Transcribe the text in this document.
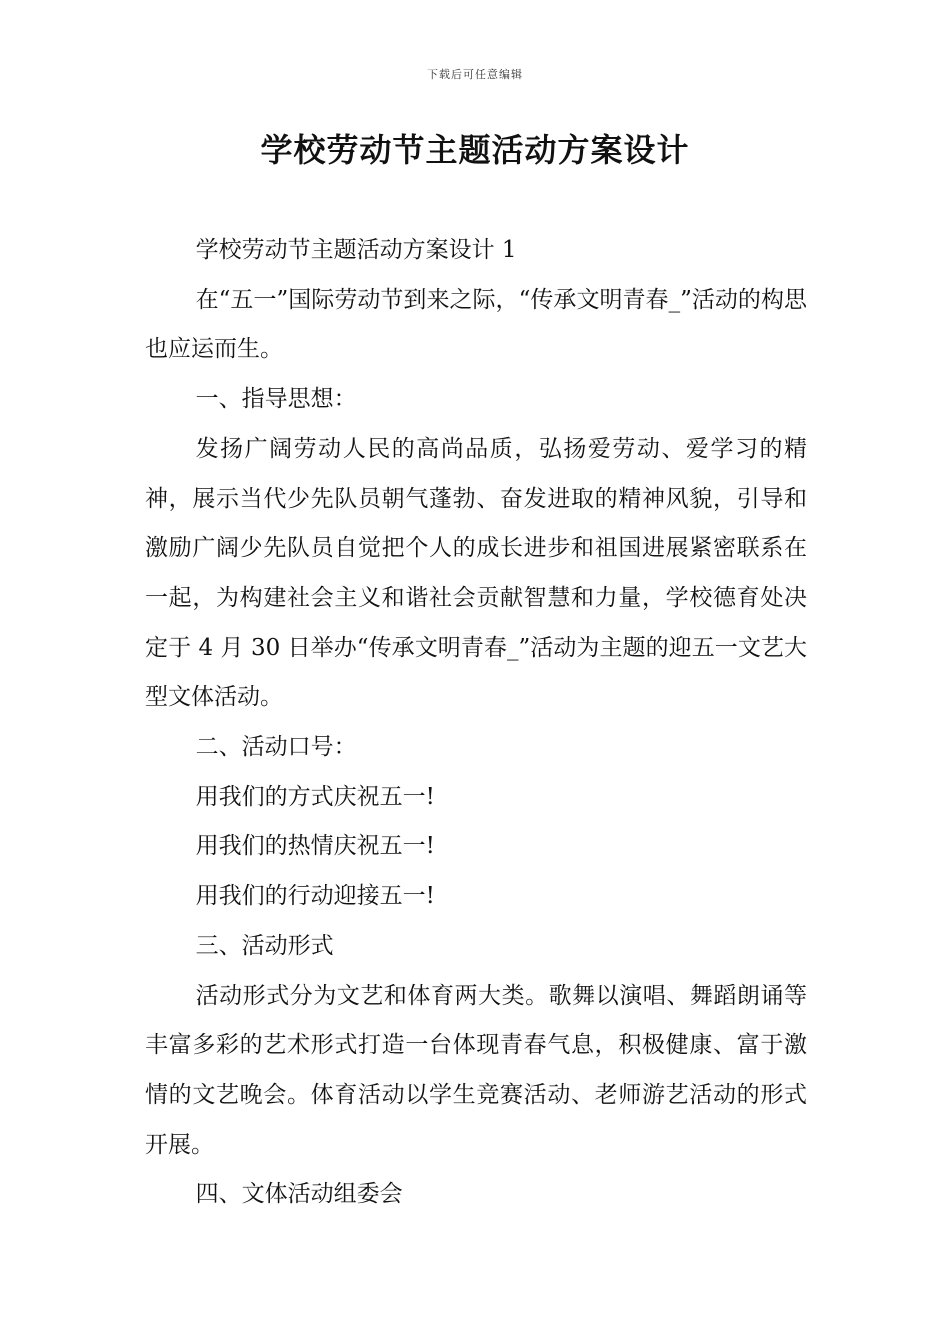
下载后可任意编辑
学校劳动节主题活动方案设计

学校劳动节主题活动方案设计 1

在“五一”国际劳动节到来之际，“传承文明青春_”活动的构思也应运而生。

一、指导思想：

发扬广阔劳动人民的高尚品质，弘扬爱劳动、爱学习的精神，展示当代少先队员朝气蓬勃、奋发进取的精神风貌，引导和激励广阔少先队员自觉把个人的成长进步和祖国进展紧密联系在一起，为构建社会主义和谐社会贡献智慧和力量，学校德育处决定于 4 月 30 日举办“传承文明青春_”活动为主题的迎五一文艺大型文体活动。

二、活动口号：

用我们的方式庆祝五一!

用我们的热情庆祝五一!

用我们的行动迎接五一!

三、活动形式

活动形式分为文艺和体育两大类。歌舞以演唱、舞蹈朗诵等丰富多彩的艺术形式打造一台体现青春气息，积极健康、富于激情的文艺晚会。体育活动以学生竞赛活动、老师游艺活动的形式开展。

四、文体活动组委会
